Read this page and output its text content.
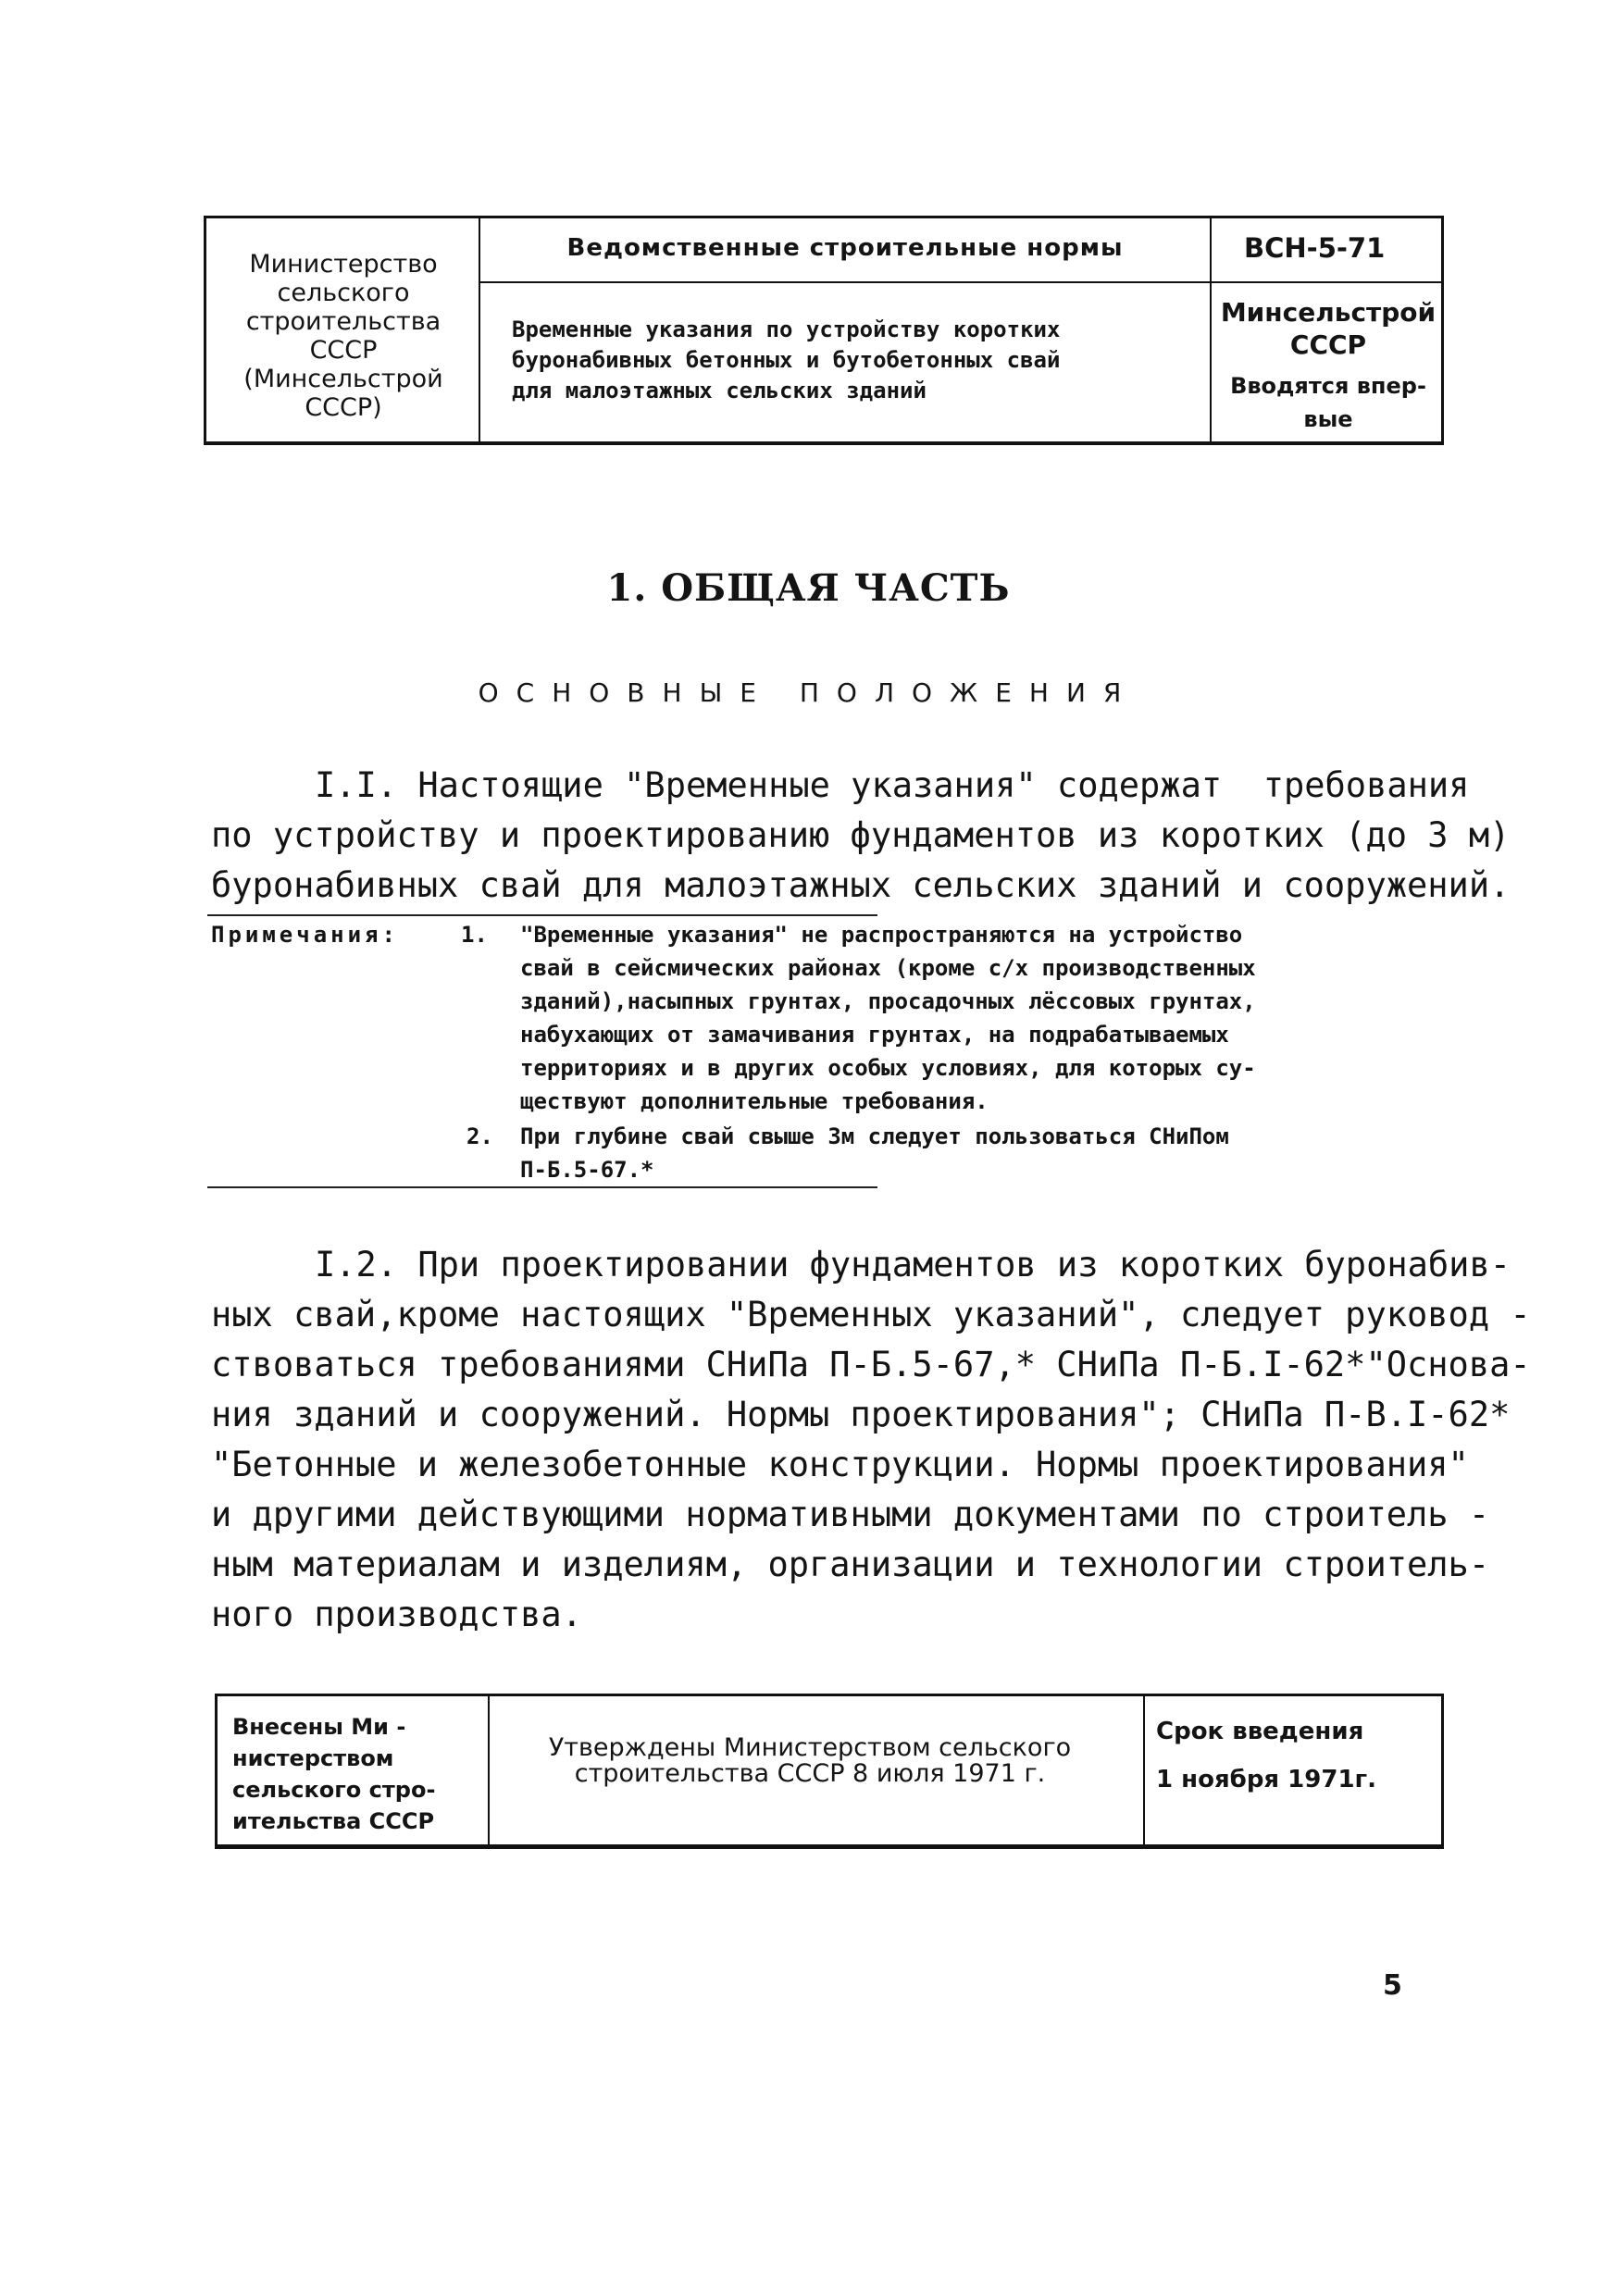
Министерство
сельского
строительства
СССР
(Минсельстрой
СССР)
Ведомственные строительные нормы	ВСН-5-71
Временные указания по устройству коротких
буронабивных бетонных и бутобетонных свай
для малоэтажных сельских зданий
Минсельстрой
СССР
Вводятся впер-
вые
1. ОБЩАЯ ЧАСТЬ
ОСНОВНЫЕ ПОЛОЖЕНИЯ
I.I. Настоящие "Временные указания" содержат  требования
по устройству и проектированию фундаментов из коротких (до 3 м)
буронабивных свай для малоэтажных сельских зданий и сооружений.
Примечания:	1. "Временные указания" не распространяются на устройство
свай в сейсмических районах (кроме с/х производственных
зданий),насыпных грунтах, просадочных лёссовых грунтах,
набухающих от замачивания грунтах, на подрабатываемых
территориях и в других особых условиях, для которых су-
ществуют дополнительные требования.
2. При глубине свай свыше 3м следует пользоваться СНиПом
П-Б.5-67.*
I.2. При проектировании фундаментов из коротких буронабив-
ных свай,кроме настоящих "Временных указаний", следует руковод -
ствоваться требованиями СНиПа П-Б.5-67,* СНиПа П-Б.I-62*"Основа-
ния зданий и сооружений. Нормы проектирования"; СНиПа П-В.I-62*
"Бетонные и железобетонные конструкции. Нормы проектирования"
и другими действующими нормативными документами по строитель -
ным материалам и изделиям, организации и технологии строитель-
ного производства.
Внесены Ми -
нистерством
сельского стро-
ительства СССР
Утверждены Министерством сельского
строительства СССР 8 июля 1971 г.
Срок введения
1 ноября 1971г.
5
